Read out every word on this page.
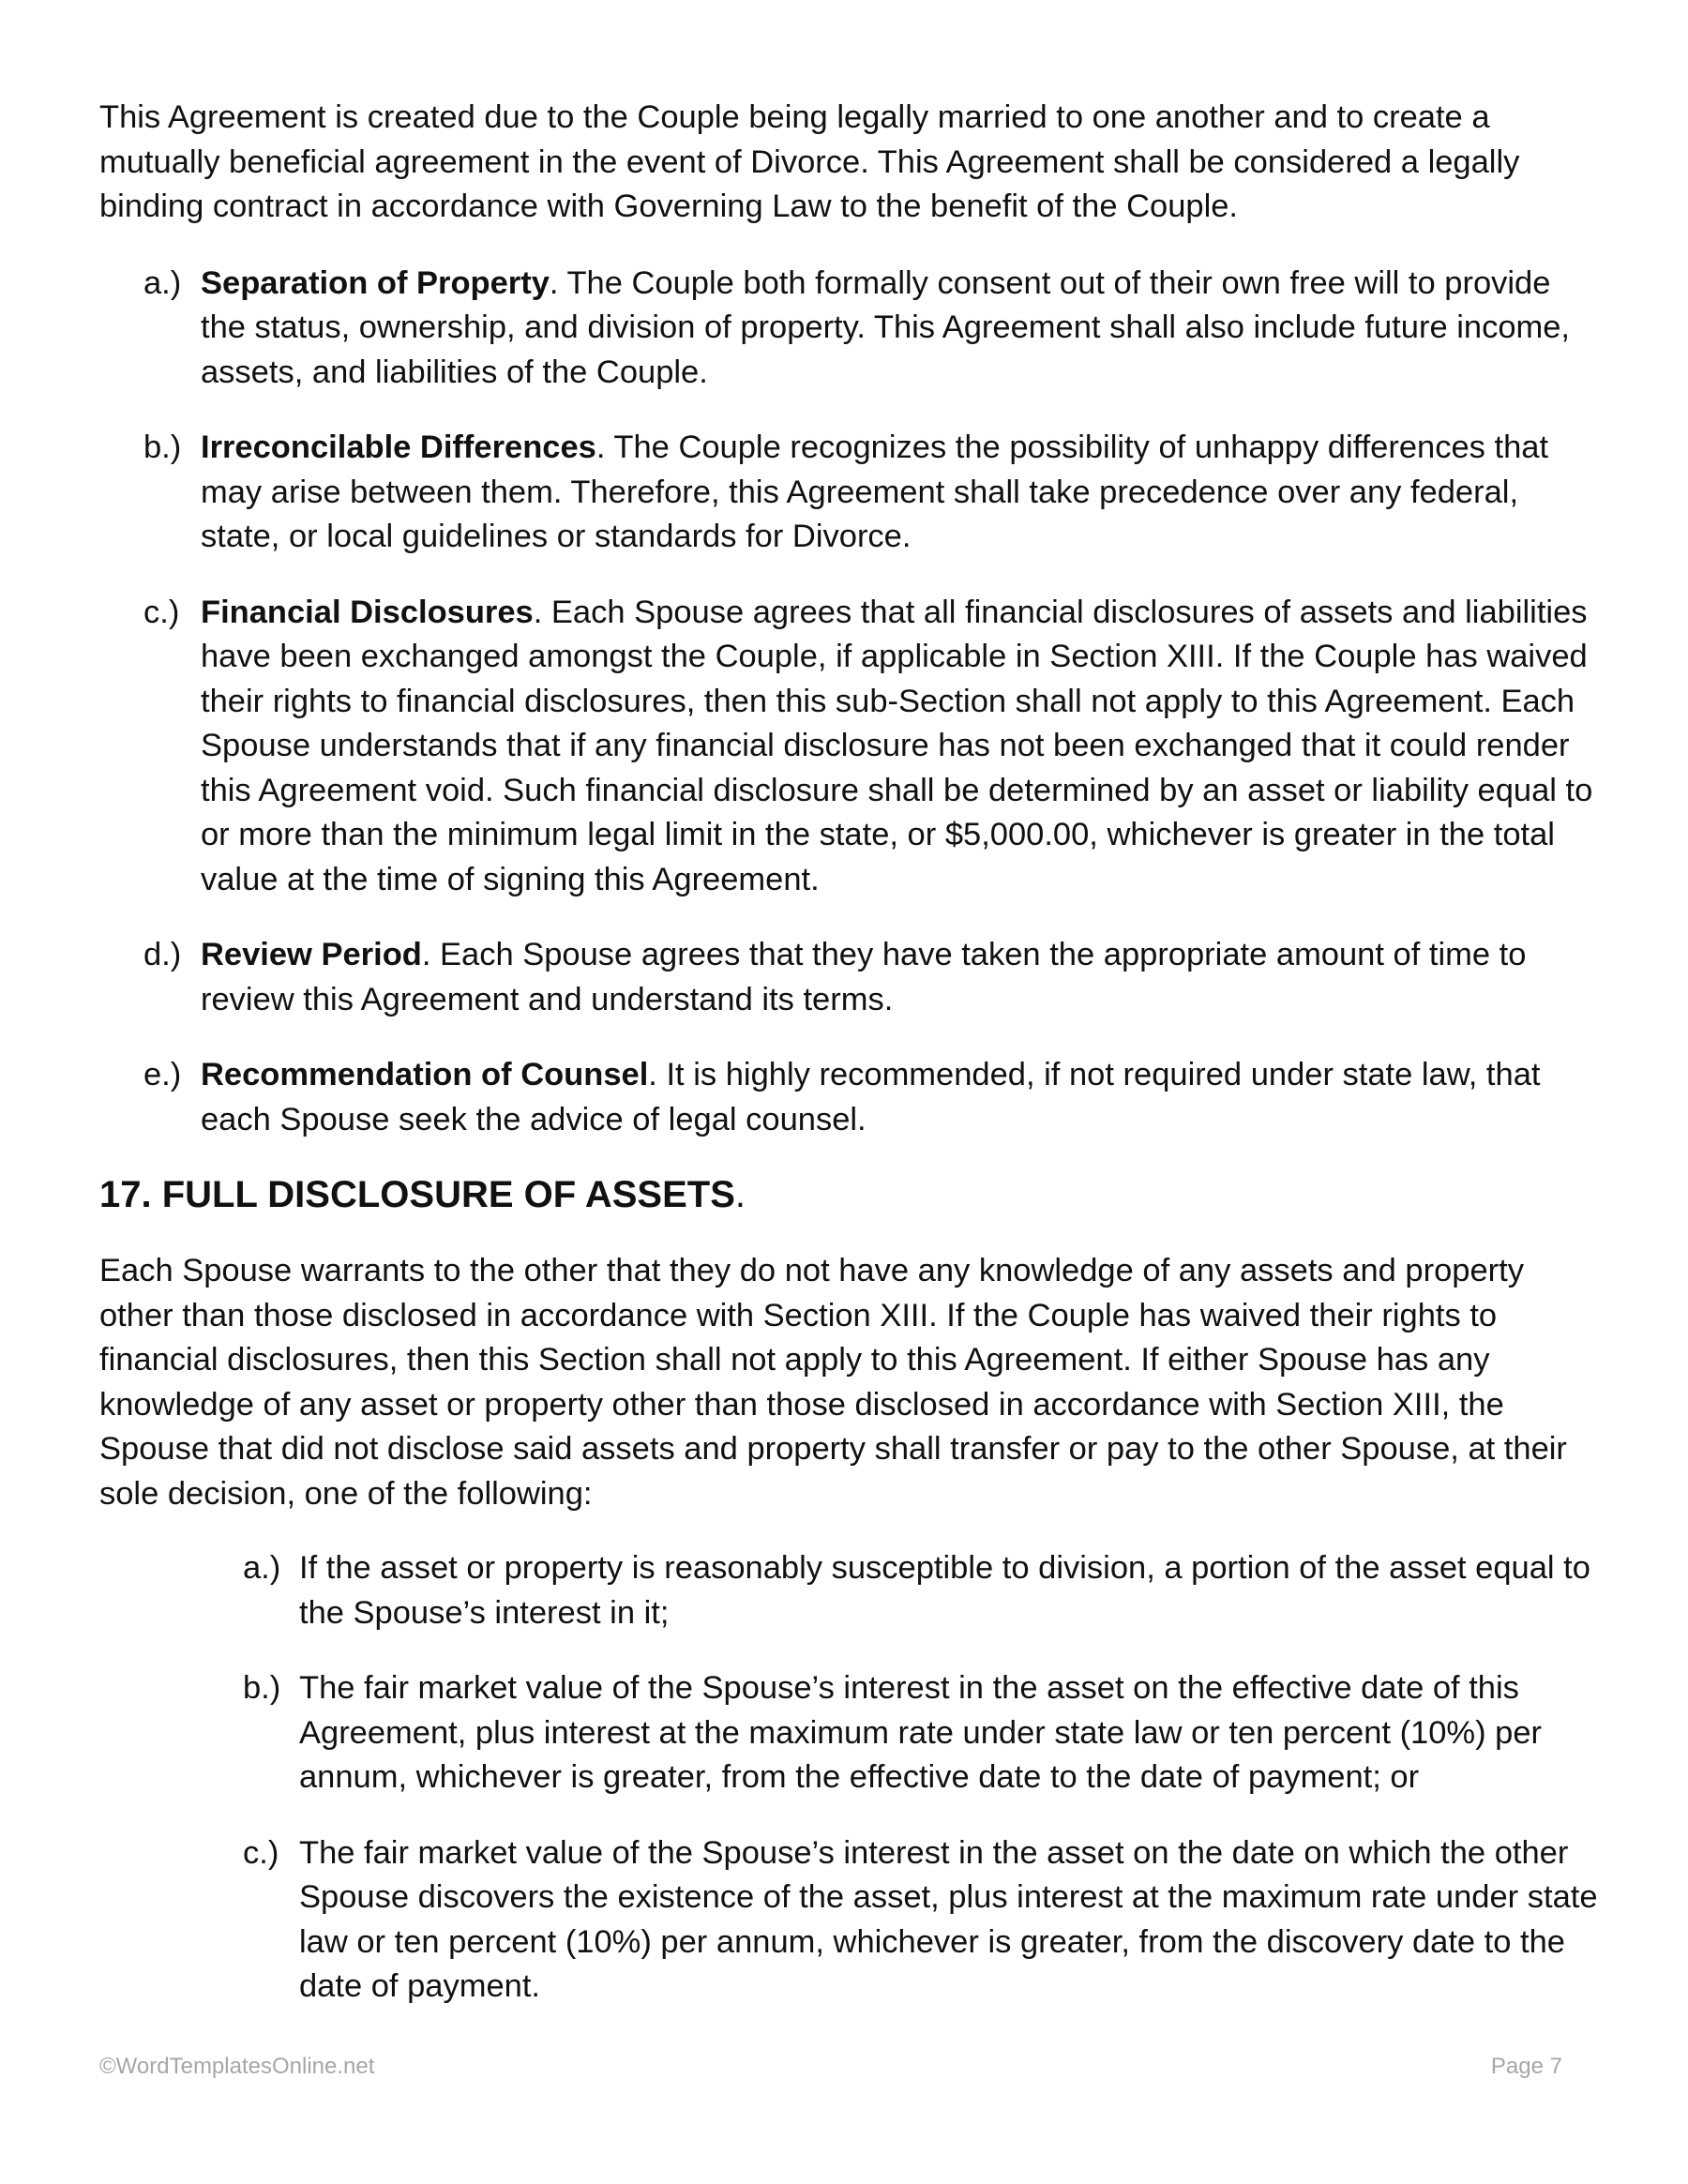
This Agreement is created due to the Couple being legally married to one another and to create a mutually beneficial agreement in the event of Divorce. This Agreement shall be considered a legally binding contract in accordance with Governing Law to the benefit of the Couple.

a.) Separation of Property. The Couple both formally consent out of their own free will to provide the status, ownership, and division of property. This Agreement shall also include future income, assets, and liabilities of the Couple.
b.) Irreconcilable Differences. The Couple recognizes the possibility of unhappy differences that may arise between them. Therefore, this Agreement shall take precedence over any federal, state, or local guidelines or standards for Divorce.
c.) Financial Disclosures. Each Spouse agrees that all financial disclosures of assets and liabilities have been exchanged amongst the Couple, if applicable in Section XIII. If the Couple has waived their rights to financial disclosures, then this sub-Section shall not apply to this Agreement. Each Spouse understands that if any financial disclosure has not been exchanged that it could render this Agreement void. Such financial disclosure shall be determined by an asset or liability equal to or more than the minimum legal limit in the state, or $5,000.00, whichever is greater in the total value at the time of signing this Agreement.
d.) Review Period. Each Spouse agrees that they have taken the appropriate amount of time to review this Agreement and understand its terms.
e.) Recommendation of Counsel. It is highly recommended, if not required under state law, that each Spouse seek the advice of legal counsel.
17. FULL DISCLOSURE OF ASSETS.

Each Spouse warrants to the other that they do not have any knowledge of any assets and property other than those disclosed in accordance with Section XIII. If the Couple has waived their rights to financial disclosures, then this Section shall not apply to this Agreement. If either Spouse has any knowledge of any asset or property other than those disclosed in accordance with Section XIII, the Spouse that did not disclose said assets and property shall transfer or pay to the other Spouse, at their sole decision, one of the following:

a.) If the asset or property is reasonably susceptible to division, a portion of the asset equal to the Spouse’s interest in it;
b.) The fair market value of the Spouse’s interest in the asset on the effective date of this Agreement, plus interest at the maximum rate under state law or ten percent (10%) per annum, whichever is greater, from the effective date to the date of payment; or
c.) The fair market value of the Spouse’s interest in the asset on the date on which the other Spouse discovers the existence of the asset, plus interest at the maximum rate under state law or ten percent (10%) per annum, whichever is greater, from the discovery date to the date of payment.
©WordTemplatesOnline.net	Page 7
